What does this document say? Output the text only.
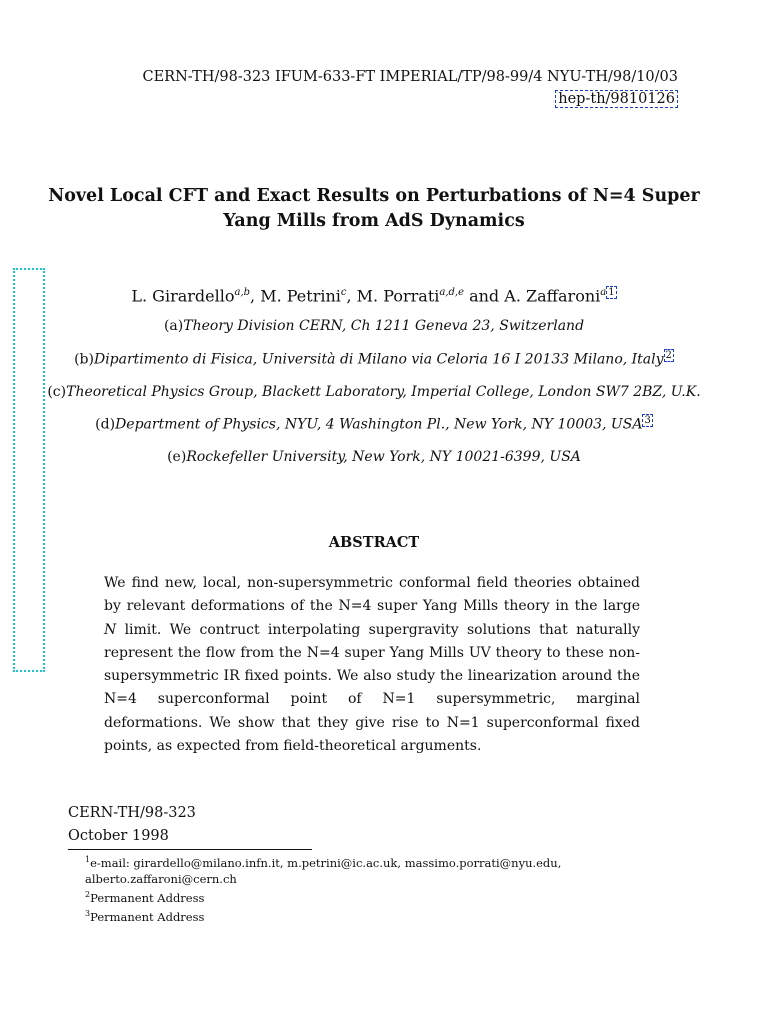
CERN-TH/98-323 IFUM-633-FT IMPERIAL/TP/98-99/4 NYU-TH/98/10/03
hep-th/9810126
Novel Local CFT and Exact Results on Perturbations of N=4 Super Yang Mills from AdS Dynamics
L. Girardello$^{a,b}$, M. Petrini$^c$, M. Porrati$^{a,d,e}$ and A. Zaffaroni$^a$ 1
(a)Theory Division CERN, Ch 1211 Geneva 23, Switzerland
(b)Dipartimento di Fisica, Università di Milano via Celoria 16 I 20133 Milano, Italy 2
(c)Theoretical Physics Group, Blackett Laboratory, Imperial College, London SW7 2BZ, U.K.
(d)Department of Physics, NYU, 4 Washington Pl., New York, NY 10003, USA 3
(e)Rockefeller University, New York, NY 10021-6399, USA
ABSTRACT
We find new, local, non-supersymmetric conformal field theories obtained by relevant deformations of the N=4 super Yang Mills theory in the large N limit. We contruct interpolating supergravity solutions that naturally represent the flow from the N=4 super Yang Mills UV theory to these non-supersymmetric IR fixed points. We also study the linearization around the N=4 superconformal point of N=1 supersymmetric, marginal deformations. We show that they give rise to N=1 superconformal fixed points, as expected from field-theoretical arguments.
CERN-TH/98-323
October 1998
$^1$e-mail: girardello@milano.infn.it, m.petrini@ic.ac.uk, massimo.porrati@nyu.edu, alberto.zaffaroni@cern.ch
$^2$Permanent Address
$^3$Permanent Address
